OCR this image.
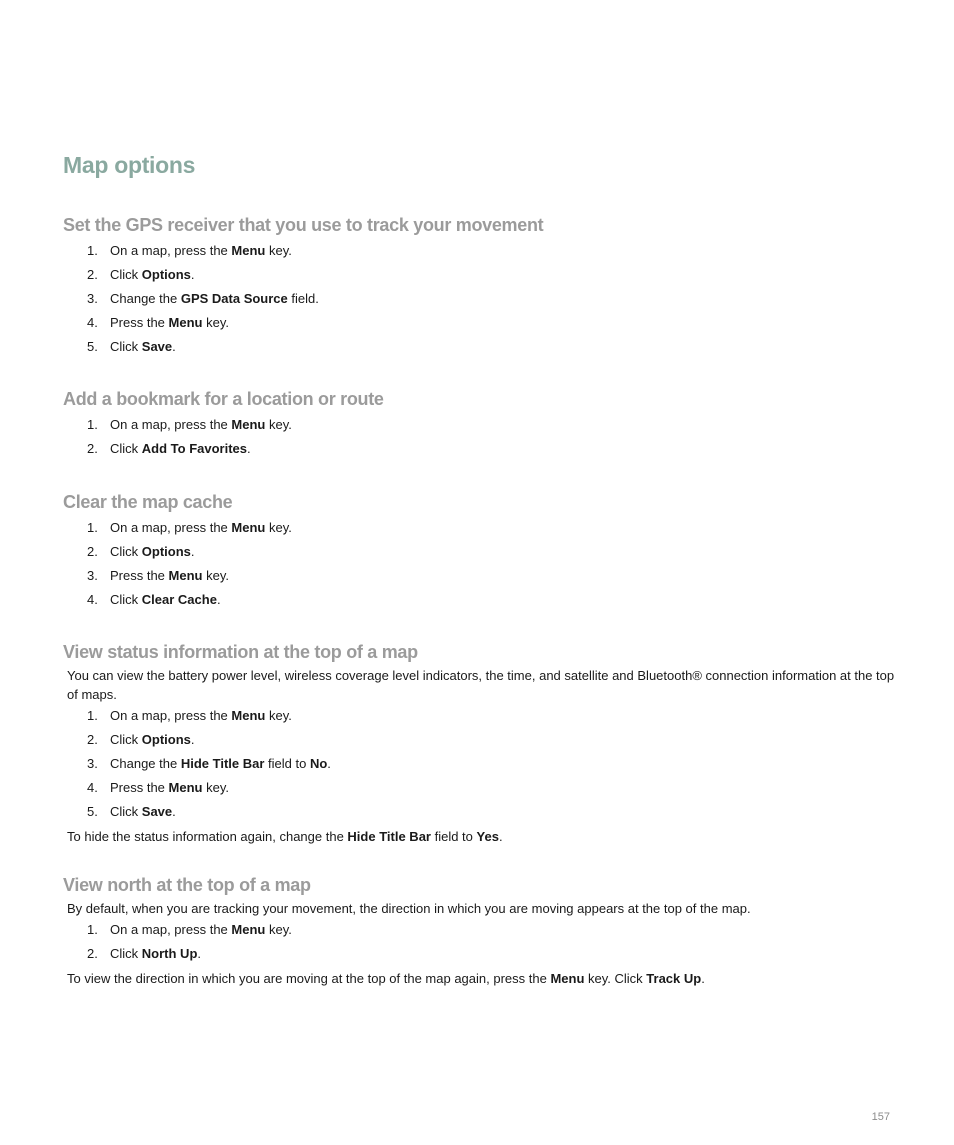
Map options
Set the GPS receiver that you use to track your movement
1. On a map, press the Menu key.
2. Click Options.
3. Change the GPS Data Source field.
4. Press the Menu key.
5. Click Save.
Add a bookmark for a location or route
1. On a map, press the Menu key.
2. Click Add To Favorites.
Clear the map cache
1. On a map, press the Menu key.
2. Click Options.
3. Press the Menu key.
4. Click Clear Cache.
View status information at the top of a map

You can view the battery power level, wireless coverage level indicators, the time, and satellite and Bluetooth® connection information at the top of maps.

1. On a map, press the Menu key.
2. Click Options.
3. Change the Hide Title Bar field to No.
4. Press the Menu key.
5. Click Save.

To hide the status information again, change the Hide Title Bar field to Yes.

View north at the top of a map

By default, when you are tracking your movement, the direction in which you are moving appears at the top of the map.

1. On a map, press the Menu key.
2. Click North Up.

To view the direction in which you are moving at the top of the map again, press the Menu key. Click Track Up.

157
